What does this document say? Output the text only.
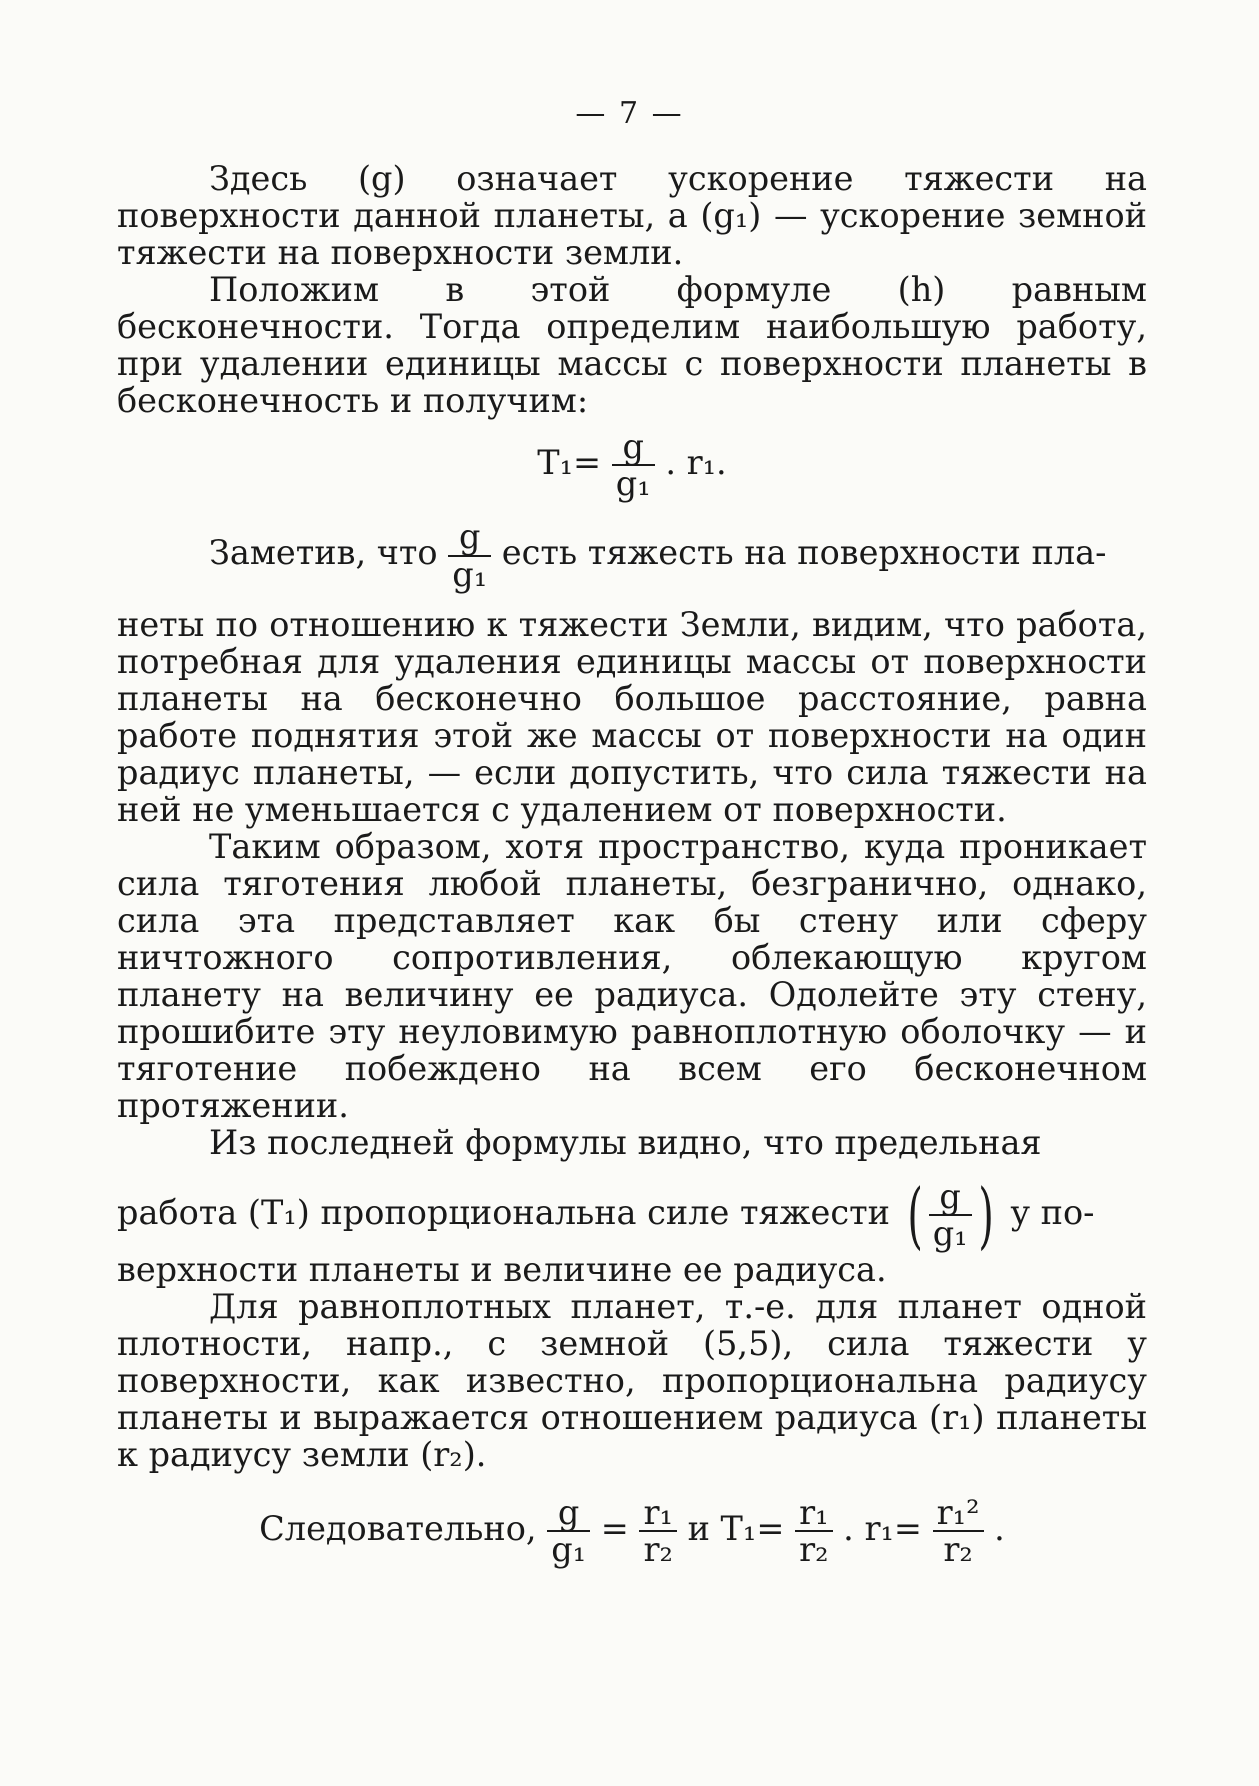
— 7 —

Здесь (g) означает ускорение тяжести на поверхности данной планеты, а (g₁) — ускорение земной тяжести на поверхности земли.

Положим в этой формуле (h) равным бесконечности. Тогда определим наибольшую работу, при удалении единицы массы с поверхности планеты в бесконечность и получим:

$T_1= \frac{g}{\text{g₁}}$ . r₁.

Заметив, что $\frac{g}{\text{g₁}}$ есть тяжесть на поверхности пла-

неты по отношению к тяжести Земли, видим, что работа, потребная для удаления единицы массы от поверхности планеты на бесконечно большое расстояние, равна работе поднятия этой же массы от поверхности на один радиус планеты, — если допустить, что сила тяжести на ней не уменьшается с удалением от поверхности.

Таким образом, хотя пространство, куда проникает сила тяготения любой планеты, безгранично, однако, сила эта представляет как бы стену или сферу ничтожного сопротивления, облекающую кругом планету на величину ее радиуса. Одолейте эту стену, прошибите эту неуловимую равноплотную оболочку — и тяготение побеждено на всем его бесконечном протяжении.

Из последней формулы видно, что предельная

работа (T₁) пропорциональна силе тяжести ( $\frac{g}{\text{g₁}}$ ) у по-

верхности планеты и величине ее радиуса.

Для равноплотных планет, т.-е. для планет одной плотности, напр., с земной (5,5), сила тяжести у поверхности, как известно, пропорциональна радиусу планеты и выражается отношением радиуса (r₁) планеты к радиусу земли (r₂).

Следовательно, $\frac{g}{\text{g₁}} = \frac{\text{r₁}}{\text{r₂}}$ и $T_1= \frac{\text{r₁}}{\text{r₂}}$ . $r_1= \frac{\text{r₁²}}{\text{r₂}}$ .
